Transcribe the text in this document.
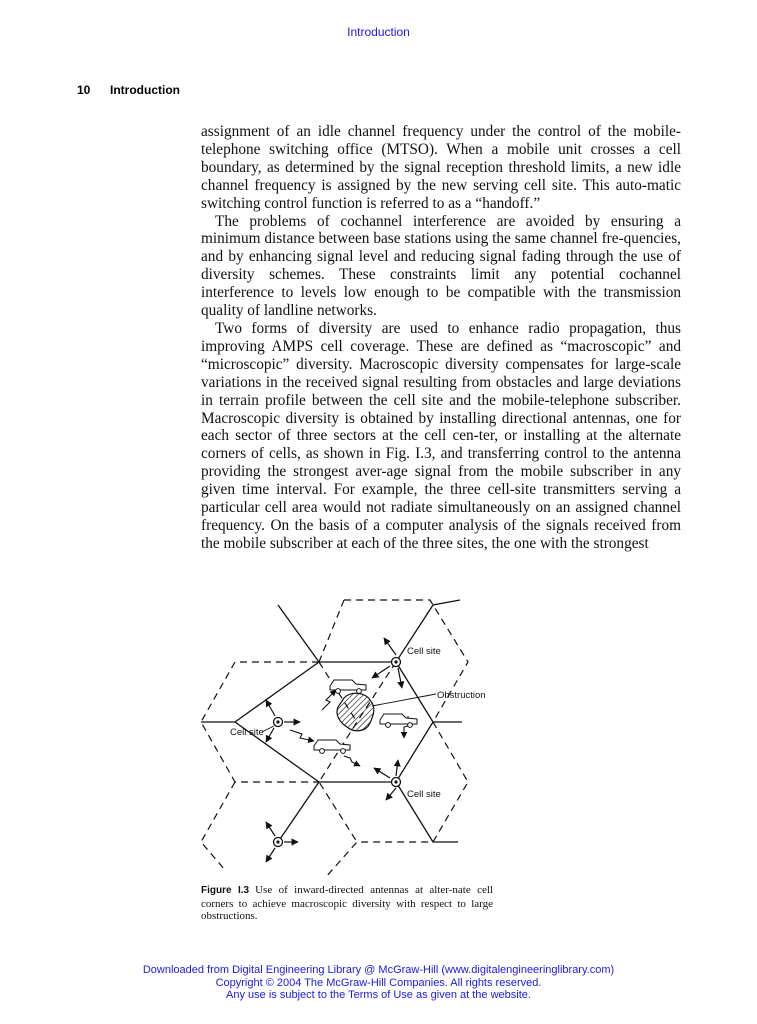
Introduction
10 Introduction

assignment of an idle channel frequency under the control of the mobile-telephone switching office (MTSO). When a mobile unit crosses a cell boundary, as determined by the signal reception threshold limits, a new idle channel frequency is assigned by the new serving cell site. This auto-matic switching control function is referred to as a “handoff.”

The problems of cochannel interference are avoided by ensuring a minimum distance between base stations using the same channel fre-quencies, and by enhancing signal level and reducing signal fading through the use of diversity schemes. These constraints limit any potential cochannel interference to levels low enough to be compatible with the transmission quality of landline networks.

Two forms of diversity are used to enhance radio propagation, thus improving AMPS cell coverage. These are defined as “macroscopic” and “microscopic” diversity. Macroscopic diversity compensates for large-scale variations in the received signal resulting from obstacles and large deviations in terrain profile between the cell site and the mobile-telephone subscriber. Macroscopic diversity is obtained by installing directional antennas, one for each sector of three sectors at the cell cen-ter, or installing at the alternate corners of cells, as shown in Fig. I.3, and transferring control to the antenna providing the strongest aver-age signal from the mobile subscriber in any given time interval. For example, the three cell-site transmitters serving a particular cell area would not radiate simultaneously on an assigned channel frequency. On the basis of a computer analysis of the signals received from the mobile subscriber at each of the three sites, the one with the strongest

Cell site
Obstruction
Cell site
Cell site
Figure I.3 Use of inward-directed antennas at alter-nate cell corners to achieve macroscopic diversity with respect to large obstructions.
Downloaded from Digital Engineering Library @ McGraw-Hill (www.digitalengineeringlibrary.com)
Copyright © 2004 The McGraw-Hill Companies. All rights reserved.
Any use is subject to the Terms of Use as given at the website.
